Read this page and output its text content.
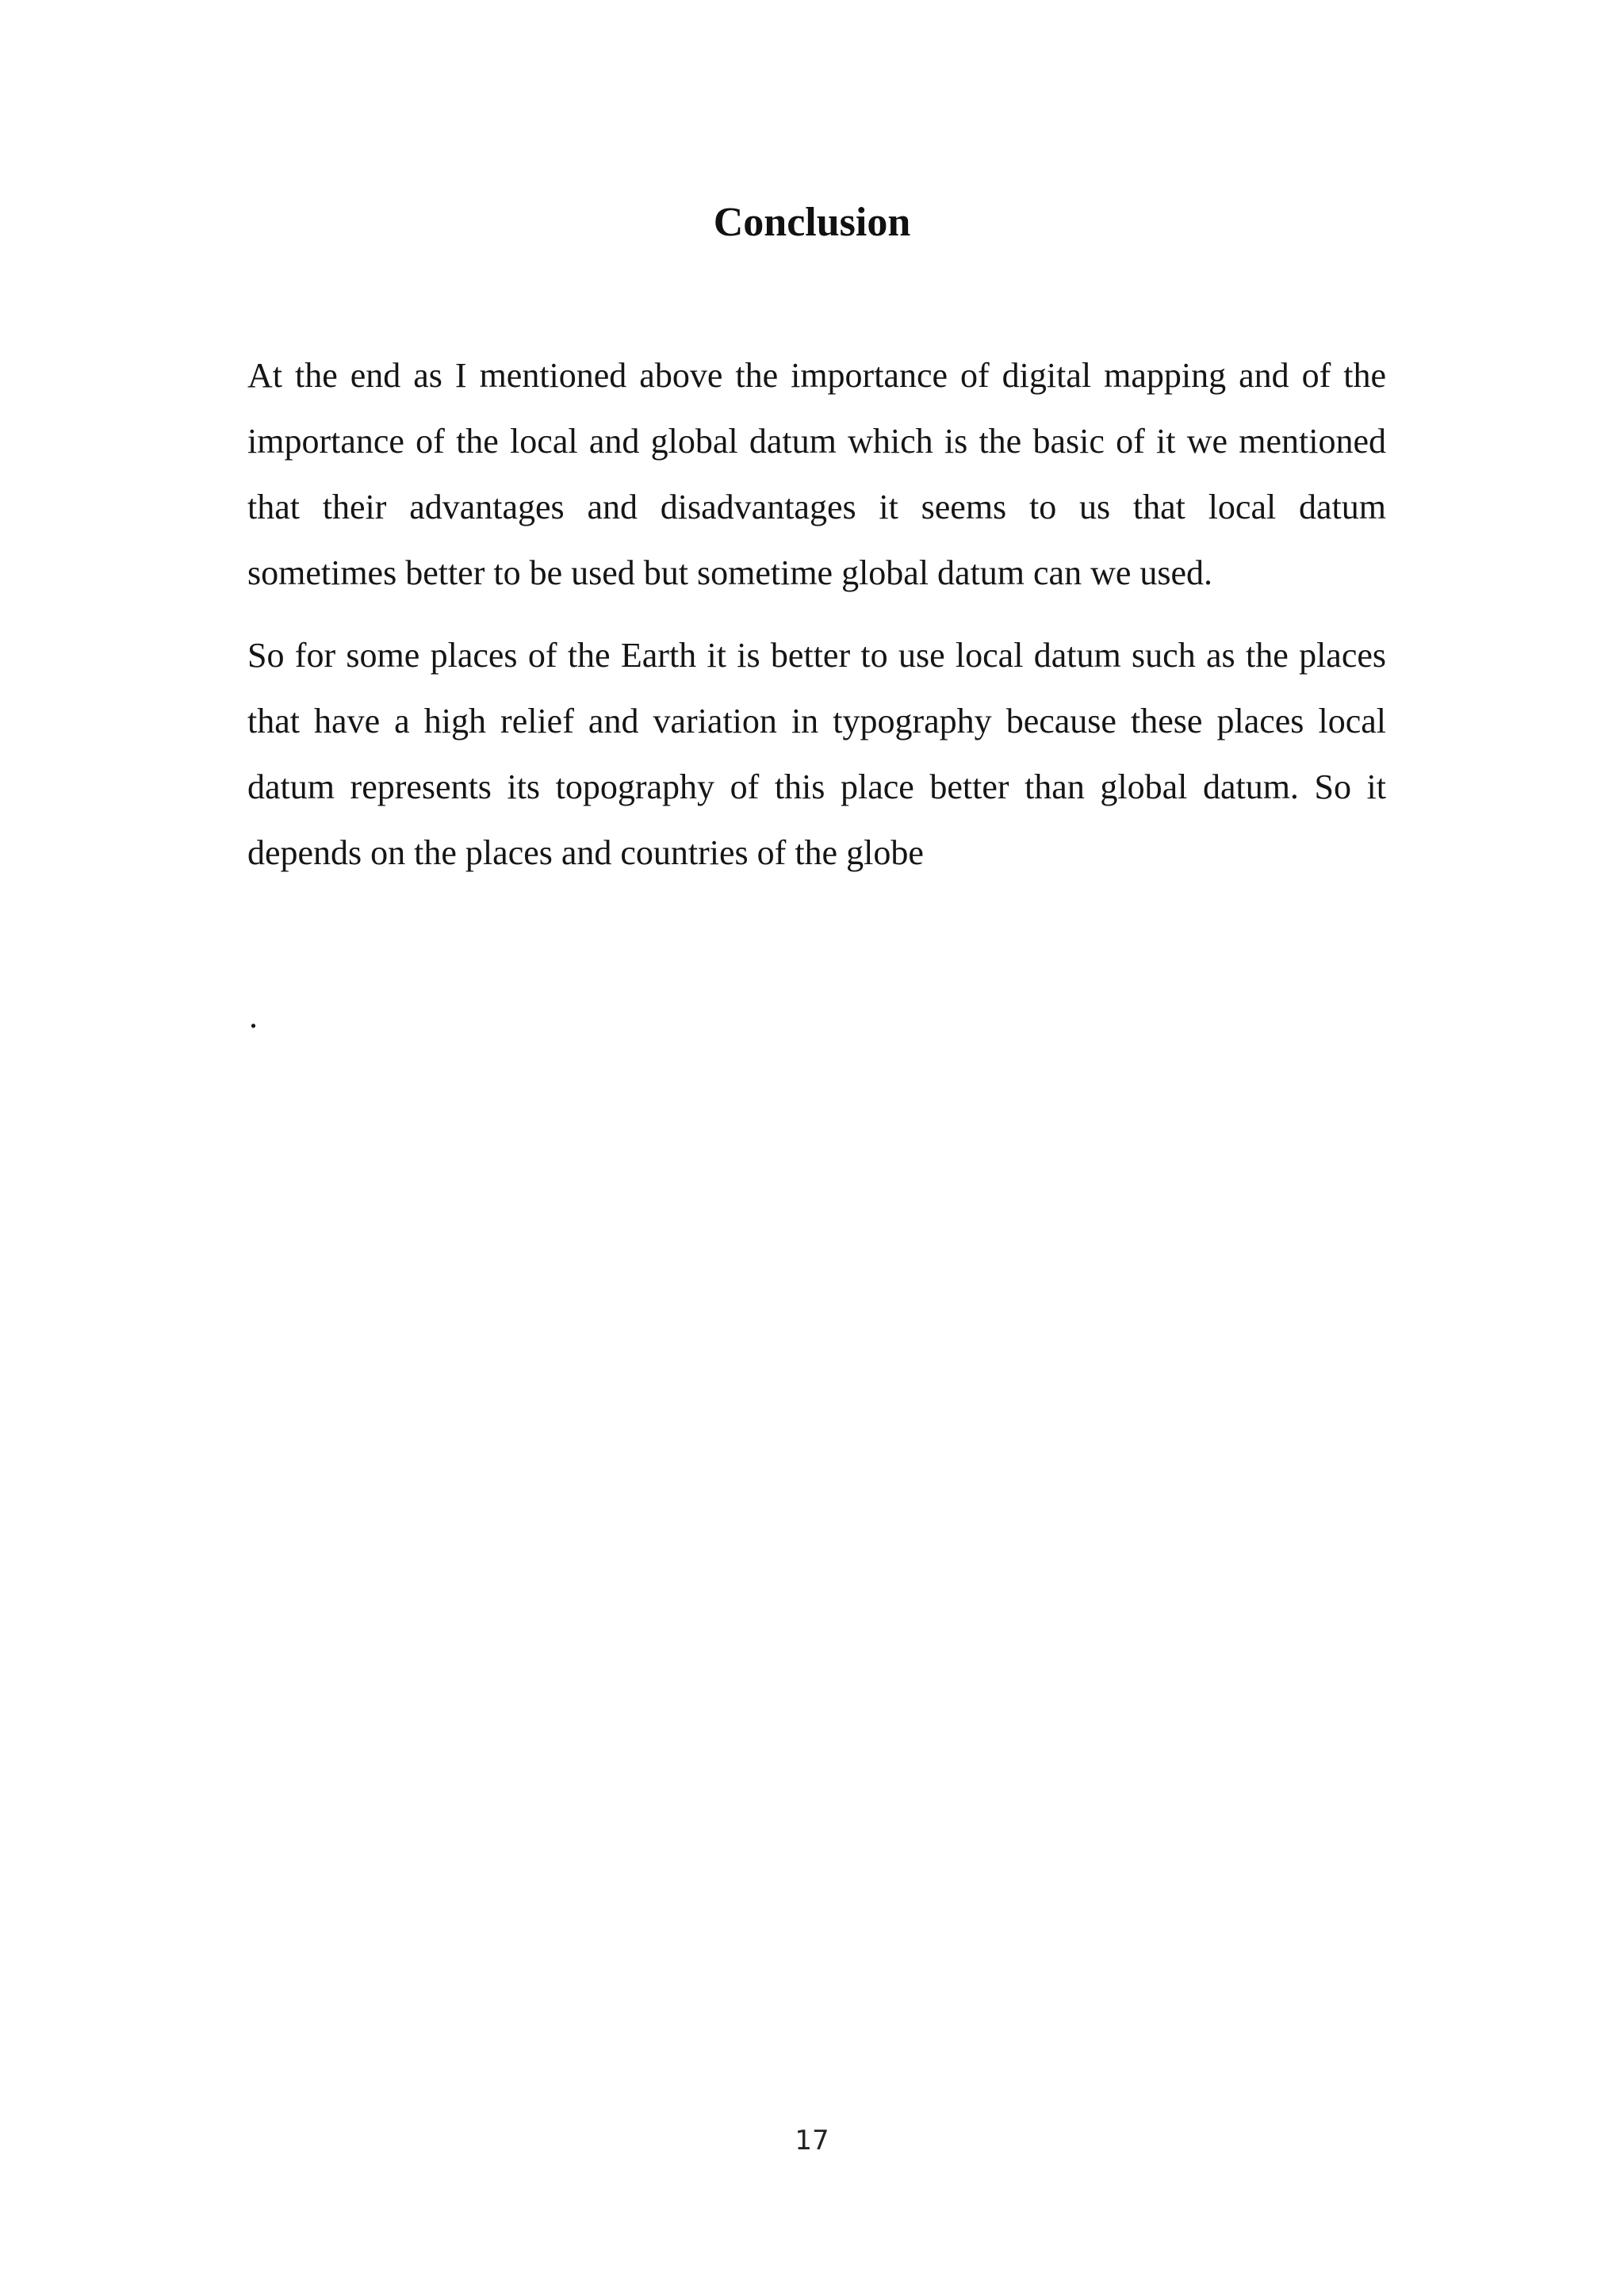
Conclusion

At the end as I mentioned above the importance of digital mapping and of the importance of the local and global datum which is the basic of it we mentioned that their advantages and disadvantages it seems to us that local datum sometimes better to be used but sometime global datum can we used.

So for some places of the Earth it is better to use local datum such as the places that have a high relief and variation in typography because these places local datum represents its topography of this place better than global datum. So it depends on the places and countries of the globe

.
17
